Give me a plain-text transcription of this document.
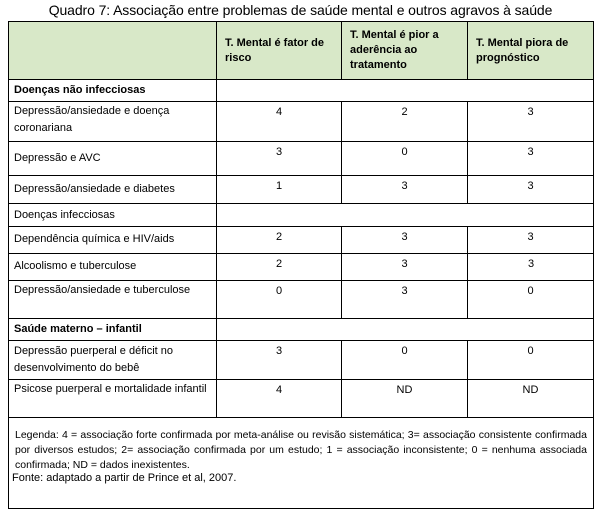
Quadro 7: Associação entre problemas de saúde mental e outros agravos à saúde
	T. Mental é fator de risco	T. Mental é pior a aderência ao tratamento	T. Mental piora de prognóstico
Doenças não infecciosas			
Depressão/ansiedade e doença coronariana	4	2	3
Depressão e AVC	3	0	3
Depressão/ansiedade e diabetes	1	3	3
Doenças infecciosas			
Dependência química e HIV/aids	2	3	3
Alcoolismo e tuberculose	2	3	3
Depressão/ansiedade e tuberculose	0	3	0
Saúde materno – infantil			
Depressão puerperal e déficit no desenvolvimento do bebê	3	0	0
Psicose puerperal e mortalidade infantil	4	ND	ND
Legenda: 4 = associação forte confirmada por meta-análise ou revisão sistemática; 3= associação consistente confirmada por diversos estudos; 2= associação confirmada por um estudo; 1 = associação inconsistente; 0 = nenhuma associada confirmada; ND = dados inexistentes.			
Fonte: adaptado a partir de Prince et al, 2007.
